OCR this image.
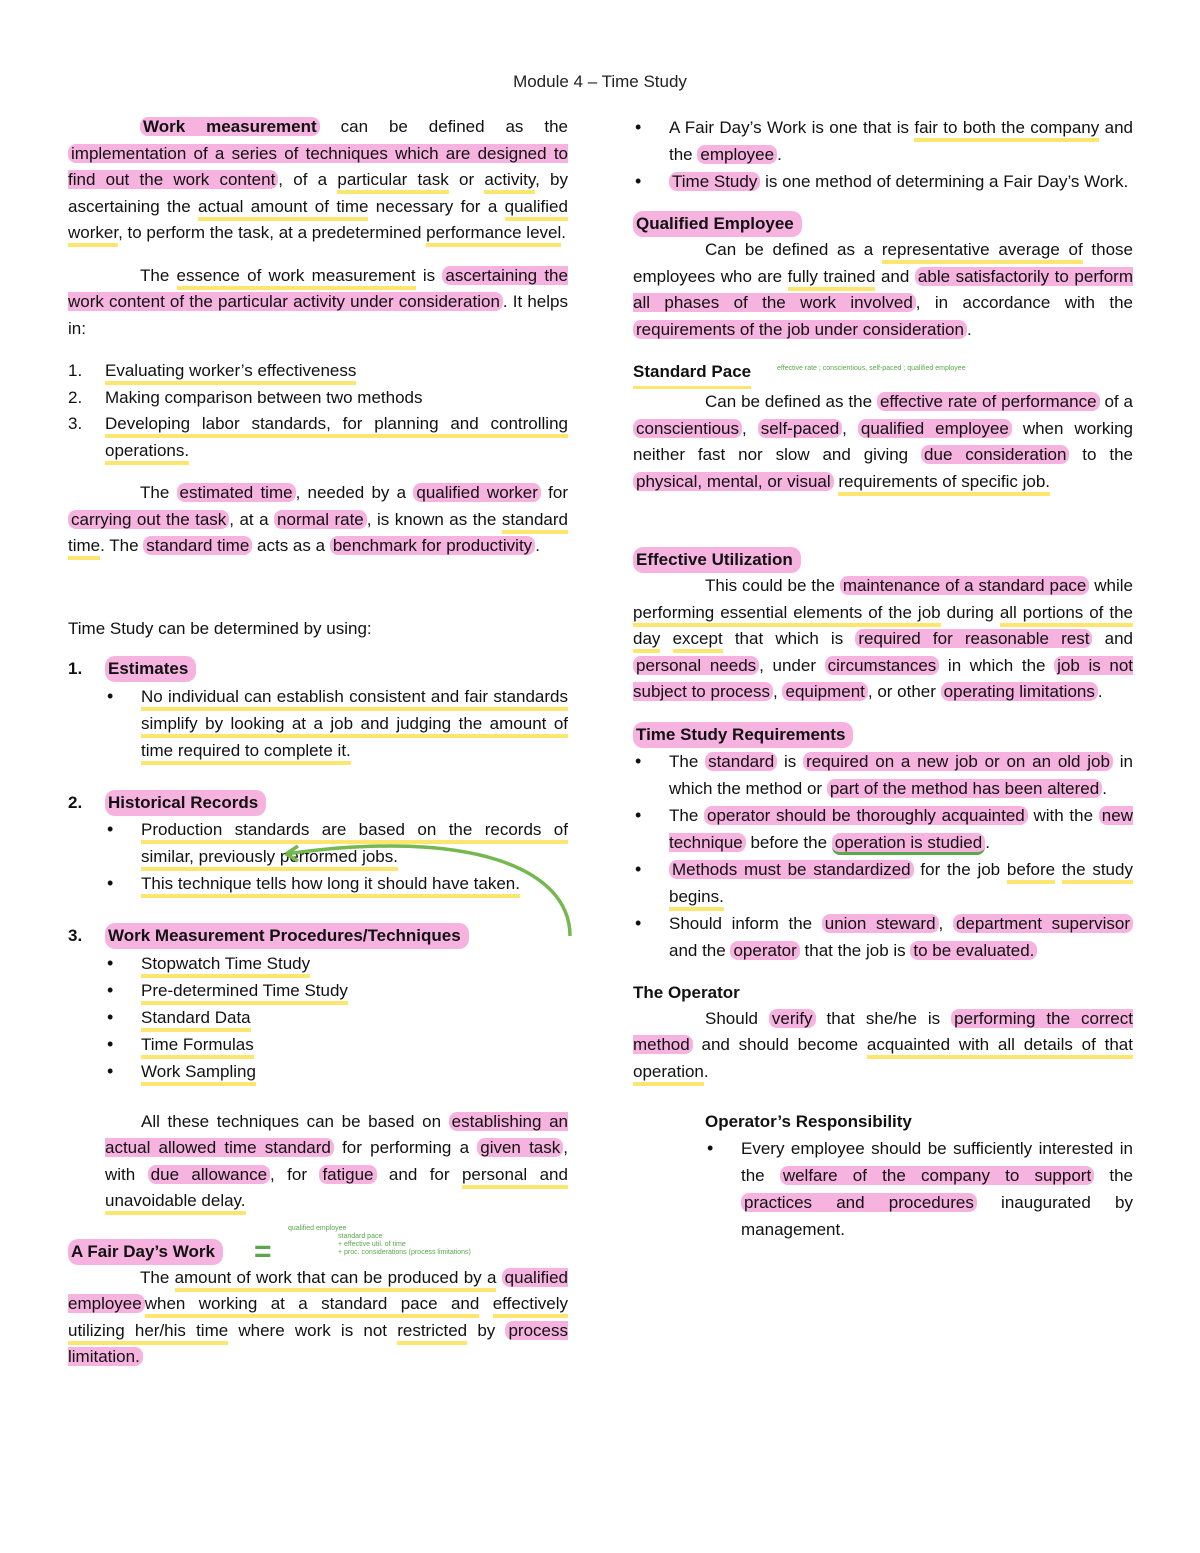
Module 4 – Time Study

Work measurement can be defined as the implementation of a series of techniques which are designed to find out the work content , of a particular task or activity, by ascertaining the actual amount of time necessary for a qualified worker, to perform the task, at a predetermined performance level.

The essence of work measurement is ascertaining the work content of the particular activity under consideration . It helps in:

1. Evaluating worker’s effectiveness
2. Making comparison between two methods
3. Developing labor standards, for planning and controlling operations.

The estimated time , needed by a qualified worker for carrying out the task , at a normal rate , is known as the standard time. The standard time acts as a benchmark for productivity .

Time Study can be determined by using:

1. Estimates
• No individual can establish consistent and fair standards simplify by looking at a job and judging the amount of time required to complete it.
2. Historical Records
• Production standards are based on the records of similar, previously performed jobs.
• This technique tells how long it should have taken.
3. Work Measurement Procedures/Techniques
• Stopwatch Time Study
• Pre-determined Time Study
• Standard Data
• Time Formulas
• Work Sampling

All these techniques can be based on establishing an actual allowed time standard for performing a given task , with due allowance , for fatigue and for personal and unavoidable delay.

A Fair Day’s Work =
qualified employee
standard pace
+ effective util. of time
+ proc. considerations (process limitations)

The amount of work that can be produced by a qualified employee when working at a standard pace and effectively utilizing her/his time where work is not restricted by process limitation.

• A Fair Day’s Work is one that is fair to both the company and the employee .
• Time Study is one method of determining a Fair Day’s Work.
Qualified Employee

Can be defined as a representative average of those employees who are fully trained and able satisfactorily to perform all phases of the work involved , in accordance with the requirements of the job under consideration .

Standard Pace	effective rate ; conscientious, self-paced ; qualified employee

Can be defined as the effective rate of performance of a conscientious , self-paced , qualified employee when working neither fast nor slow and giving due consideration to the physical, mental, or visual requirements of specific job.

Effective Utilization

This could be the maintenance of a standard pace while performing essential elements of the job during all portions of the day except that which is required for reasonable rest and personal needs , under circumstances in which the job is not subject to process , equipment , or other operating limitations .

Time Study Requirements
• The standard is required on a new job or on an old job in which the method or part of the method has been altered .
• The operator should be thoroughly acquainted with the new technique before the operation is studied .
• Methods must be standardized for the job before the study begins.
• Should inform the union steward , department supervisor and the operator that the job is to be evaluated.
The Operator

Should verify that she/he is performing the correct method and should become acquainted with all details of that operation.

Operator’s Responsibility
• Every employee should be sufficiently interested in the welfare of the company to support the practices and procedures inaugurated by management.
